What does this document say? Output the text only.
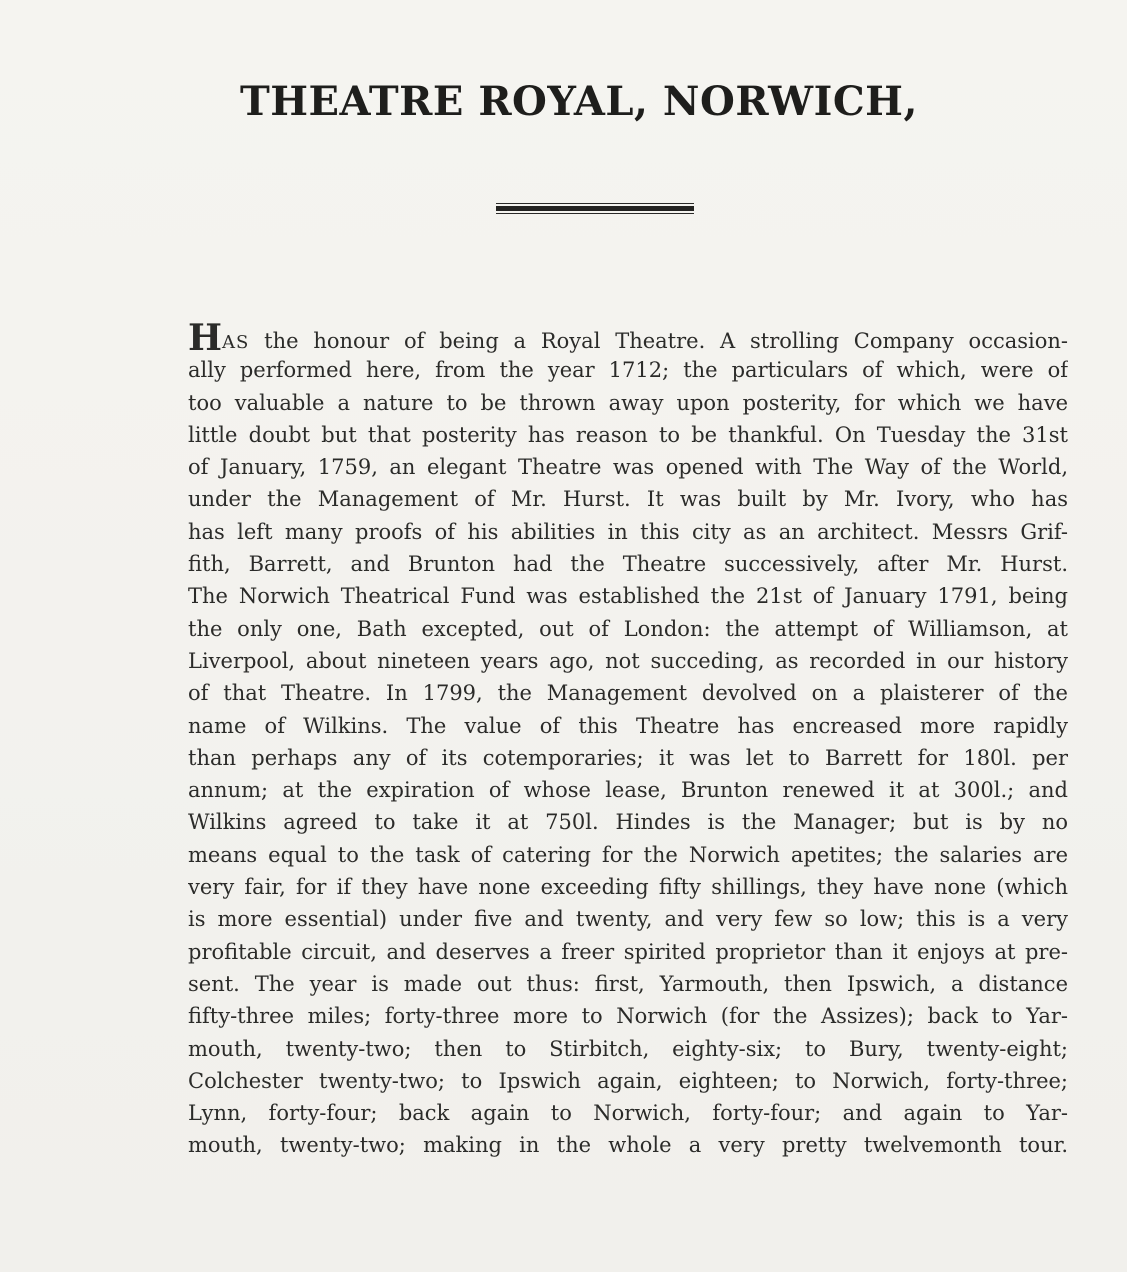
THEATRE ROYAL, NORWICH,
HAS the honour of being a Royal Theatre. A strolling Company occasion-
ally performed here, from the year 1712; the particulars of which, were of
too valuable a nature to be thrown away upon posterity, for which we have
little doubt but that posterity has reason to be thankful. On Tuesday the 31st
of January, 1759, an elegant Theatre was opened with The Way of the World,
under the Management of Mr. Hurst. It was built by Mr. Ivory, who has
has left many proofs of his abilities in this city as an architect. Messrs Grif-
fith, Barrett, and Brunton had the Theatre successively, after Mr. Hurst.
The Norwich Theatrical Fund was established the 21st of January 1791, being
the only one, Bath excepted, out of London: the attempt of Williamson, at
Liverpool, about nineteen years ago, not succeding, as recorded in our history
of that Theatre. In 1799, the Management devolved on a plaisterer of the
name of Wilkins. The value of this Theatre has encreased more rapidly
than perhaps any of its cotemporaries; it was let to Barrett for 180l. per
annum; at the expiration of whose lease, Brunton renewed it at 300l.; and
Wilkins agreed to take it at 750l. Hindes is the Manager; but is by no
means equal to the task of catering for the Norwich apetites; the salaries are
very fair, for if they have none exceeding fifty shillings, they have none (which
is more essential) under five and twenty, and very few so low; this is a very
profitable circuit, and deserves a freer spirited proprietor than it enjoys at pre-
sent. The year is made out thus: first, Yarmouth, then Ipswich, a distance
fifty-three miles; forty-three more to Norwich (for the Assizes); back to Yar-
mouth, twenty-two; then to Stirbitch, eighty-six; to Bury, twenty-eight;
Colchester twenty-two; to Ipswich again, eighteen; to Norwich, forty-three;
Lynn, forty-four; back again to Norwich, forty-four; and again to Yar-
mouth, twenty-two; making in the whole a very pretty twelvemonth tour.
